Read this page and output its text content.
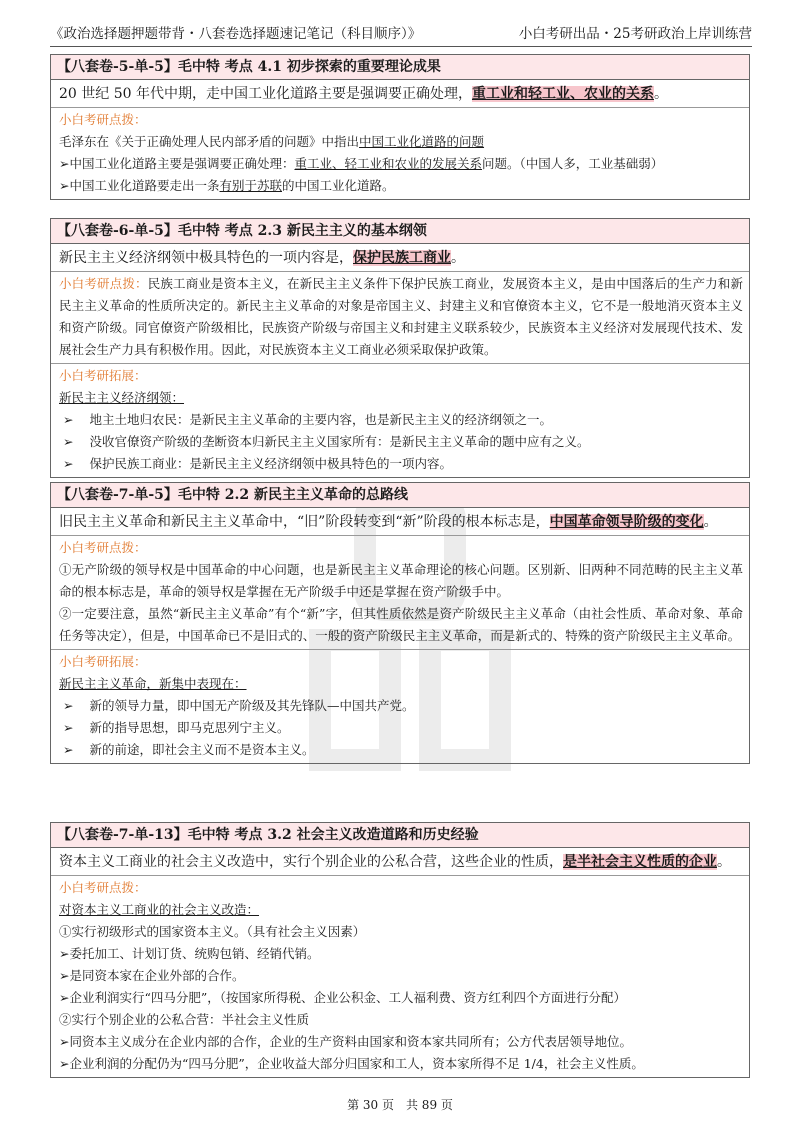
《政治选择题押题带背・八套卷选择题速记笔记（科目顺序）》	小白考研出品・25考研政治上岸训练营
【八套卷-5-单-5】毛中特 考点 4.1 初步探索的重要理论成果
20 世纪 50 年代中期，走中国工业化道路主要是强调要正确处理，重工业和轻工业、农业的关系。
小白考研点拨：
毛泽东在《关于正确处理人民内部矛盾的问题》中指出中国工业化道路的问题
➢中国工业化道路主要是强调要正确处理：重工业、轻工业和农业的发展关系问题。（中国人多，工业基础弱）
➢中国工业化道路要走出一条有别于苏联的中国工业化道路。
【八套卷-6-单-5】毛中特 考点 2.3 新民主主义的基本纲领
新民主主义经济纲领中极具特色的一项内容是，保护民族工商业。
小白考研点拨：民族工商业是资本主义，在新民主主义条件下保护民族工商业，发展资本主义，是由中国落后的生产力和新民主主义革命的性质所决定的。新民主主义革命的对象是帝国主义、封建主义和官僚资本主义，它不是一般地消灭资本主义和资产阶级。同官僚资产阶级相比，民族资产阶级与帝国主义和封建主义联系较少，民族资本主义经济对发展现代技术、发展社会生产力具有积极作用。因此，对民族资本主义工商业必须采取保护政策。
小白考研拓展：
新民主主义经济纲领：
➢ 地主土地归农民：是新民主主义革命的主要内容，也是新民主主义的经济纲领之一。
➢ 没收官僚资产阶级的垄断资本归新民主主义国家所有：是新民主主义革命的题中应有之义。
➢ 保护民族工商业：是新民主主义经济纲领中极具特色的一项内容。
【八套卷-7-单-5】毛中特 2.2 新民主主义革命的总路线
旧民主主义革命和新民主主义革命中，“旧”阶段转变到“新”阶段的根本标志是，中国革命领导阶级的变化。
小白考研点拨：
①无产阶级的领导权是中国革命的中心问题，也是新民主主义革命理论的核心问题。区别新、旧两种不同范畴的民主主义革命的根本标志是，革命的领导权是掌握在无产阶级手中还是掌握在资产阶级手中。
②一定要注意，虽然“新民主主义革命”有个“新”字，但其性质依然是资产阶级民主主义革命（由社会性质、革命对象、革命任务等决定），但是，中国革命已不是旧式的、一般的资产阶级民主主义革命，而是新式的、特殊的资产阶级民主主义革命。
小白考研拓展：
新民主主义革命，新集中表现在：
➢ 新的领导力量，即中国无产阶级及其先锋队—中国共产党。
➢ 新的指导思想，即马克思列宁主义。
➢ 新的前途，即社会主义而不是资本主义。
【八套卷-7-单-13】毛中特 考点 3.2 社会主义改造道路和历史经验
资本主义工商业的社会主义改造中，实行个别企业的公私合营，这些企业的性质，是半社会主义性质的企业。
小白考研点拨：
对资本主义工商业的社会主义改造：
①实行初级形式的国家资本主义。（具有社会主义因素）
➢委托加工、计划订货、统购包销、经销代销。
➢是同资本家在企业外部的合作。
➢企业利润实行“四马分肥”，（按国家所得税、企业公积金、工人福利费、资方红利四个方面进行分配）
②实行个别企业的公私合营：半社会主义性质
➢同资本主义成分在企业内部的合作，企业的生产资料由国家和资本家共同所有；公方代表居领导地位。
➢企业利润的分配仍为“四马分肥”，企业收益大部分归国家和工人，资本家所得不足 1/4，社会主义性质。
第 30 页　共 89 页
